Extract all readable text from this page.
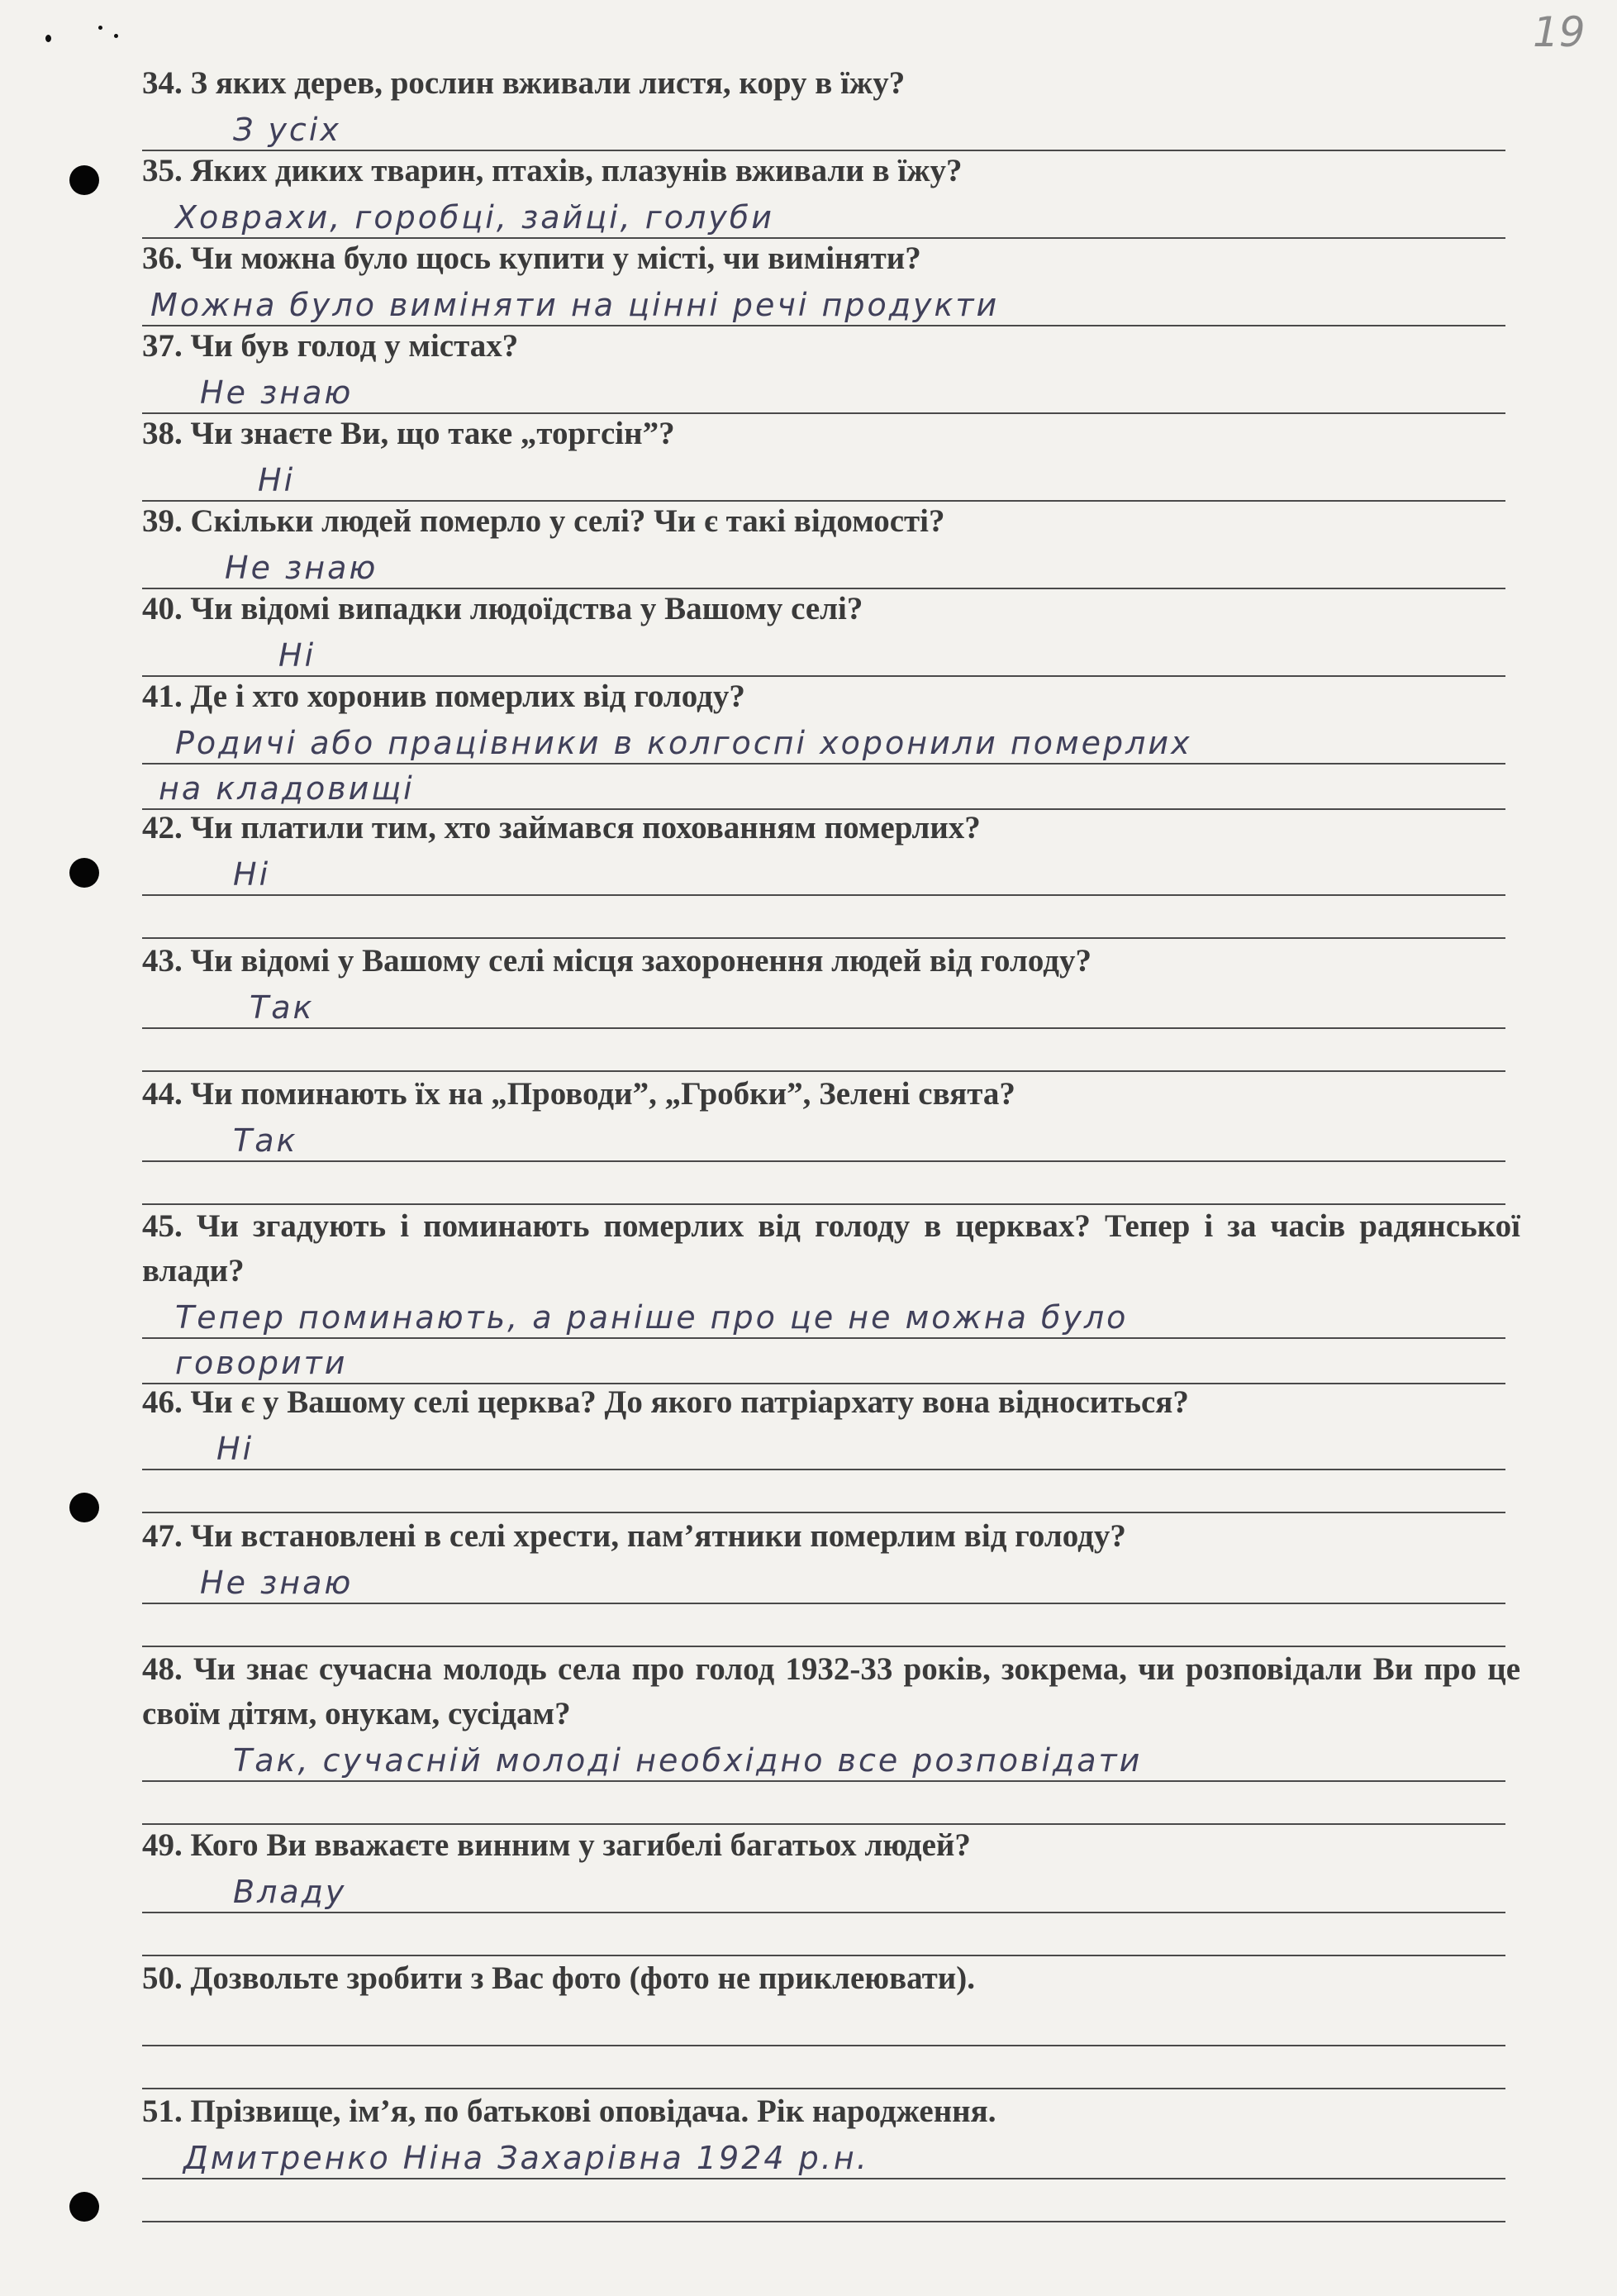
19

34. З яких дерев, рослин вживали листя, кору в їжу?

З усіх

35. Яких диких тварин, птахів, плазунів вживали в їжу?

Ховрахи, горобці, зайці, голуби

36. Чи можна було щось купити у місті, чи виміняти?

Можна було виміняти на цінні речі продукти

37. Чи був голод у містах?

Не знаю

38. Чи знаєте Ви, що таке „торгсін”?

Ні

39. Скільки людей померло у селі? Чи є такі відомості?

Не знаю

40. Чи відомі випадки людоїдства у Вашому селі?

Ні

41. Де і хто хоронив померлих від голоду?

Родичі або працівники в колгоспі хоронили померлих
на кладовищі

42. Чи платили тим, хто займався похованням померлих?

Ні

43. Чи відомі у Вашому селі місця захоронення людей від голоду?

Так

44. Чи поминають їх на „Проводи”, „Гробки”, Зелені свята?

Так

45. Чи згадують і поминають померлих від голоду в церквах? Тепер і за часів радянської влади?

Тепер поминають, а раніше про це не можна було
говорити

46. Чи є у Вашому селі церква? До якого патріархату вона відноситься?

Ні

47. Чи встановлені в селі хрести, пам’ятники померлим від голоду?

Не знаю

48. Чи знає сучасна молодь села про голод 1932-33 років, зокрема, чи розповідали Ви про це своїм дітям, онукам, сусідам?

Так, сучасній молоді необхідно все розповідати

49. Кого Ви вважаєте винним у загибелі багатьох людей?

Владу

50. Дозвольте зробити з Вас фото (фото не приклеювати).

51. Прізвище, ім’я, по батькові оповідача. Рік народження.

Дмитренко Ніна Захарівна 1924 р.н.
